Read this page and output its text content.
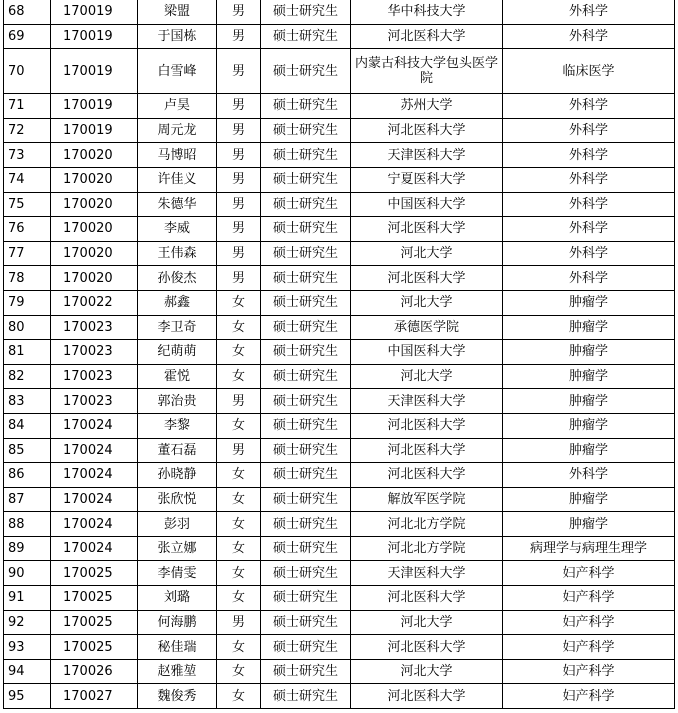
68	170019	梁盟	男	硕士研究生	华中科技大学	外科学
69	170019	于国栋	男	硕士研究生	河北医科大学	外科学
70	170019	白雪峰	男	硕士研究生	内蒙古科技大学包头医学院	临床医学
71	170019	卢昊	男	硕士研究生	苏州大学	外科学
72	170019	周元龙	男	硕士研究生	河北医科大学	外科学
73	170020	马博昭	男	硕士研究生	天津医科大学	外科学
74	170020	许佳义	男	硕士研究生	宁夏医科大学	外科学
75	170020	朱德华	男	硕士研究生	中国医科大学	外科学
76	170020	李威	男	硕士研究生	河北医科大学	外科学
77	170020	王伟森	男	硕士研究生	河北大学	外科学
78	170020	孙俊杰	男	硕士研究生	河北医科大学	外科学
79	170022	郝鑫	女	硕士研究生	河北大学	肿瘤学
80	170023	李卫奇	女	硕士研究生	承德医学院	肿瘤学
81	170023	纪萌萌	女	硕士研究生	中国医科大学	肿瘤学
82	170023	霍悦	女	硕士研究生	河北大学	肿瘤学
83	170023	郭治贵	男	硕士研究生	天津医科大学	肿瘤学
84	170024	李黎	女	硕士研究生	河北医科大学	肿瘤学
85	170024	董石磊	男	硕士研究生	河北医科大学	肿瘤学
86	170024	孙晓静	女	硕士研究生	河北医科大学	外科学
87	170024	张欣悦	女	硕士研究生	解放军医学院	肿瘤学
88	170024	彭羽	女	硕士研究生	河北北方学院	肿瘤学
89	170024	张立娜	女	硕士研究生	河北北方学院	病理学与病理生理学
90	170025	李倩雯	女	硕士研究生	天津医科大学	妇产科学
91	170025	刘璐	女	硕士研究生	河北医科大学	妇产科学
92	170025	何海鹏	男	硕士研究生	河北大学	妇产科学
93	170025	秘佳瑞	女	硕士研究生	河北医科大学	妇产科学
94	170026	赵雅堃	女	硕士研究生	河北大学	妇产科学
95	170027	魏俊秀	女	硕士研究生	河北医科大学	妇产科学
